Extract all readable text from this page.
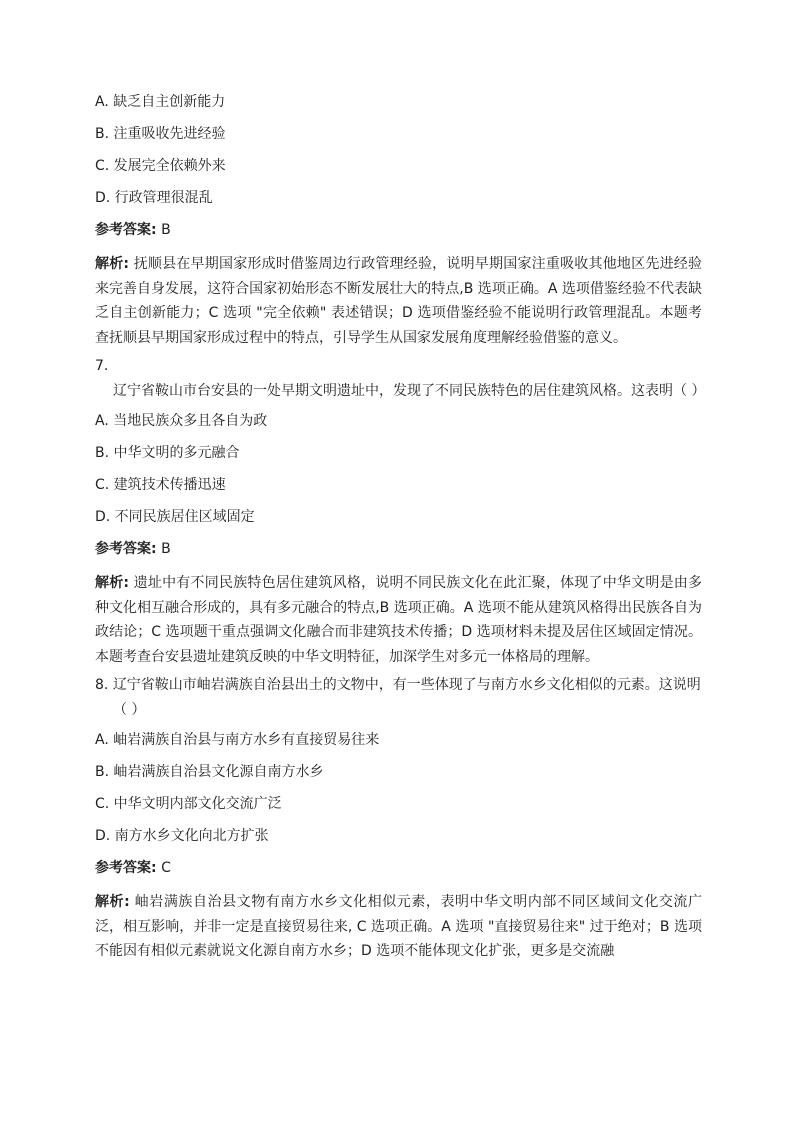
A. 缺乏自主创新能力

B. 注重吸收先进经验

C. 发展完全依赖外来

D. 行政管理很混乱

参考答案: B

解析: 抚顺县在早期国家形成时借鉴周边行政管理经验，说明早期国家注重吸收其他地区先进经验来完善自身发展，这符合国家初始形态不断发展壮大的特点,B 选项正确。A 选项借鉴经验不代表缺乏自主创新能力；C 选项 "完全依赖" 表述错误；D 选项借鉴经验不能说明行政管理混乱。本题考查抚顺县早期国家形成过程中的特点，引导学生从国家发展角度理解经验借鉴的意义。

7. 辽宁省鞍山市台安县的一处早期文明遗址中，发现了不同民族特色的居住建筑风格。这表明（ ）

A. 当地民族众多且各自为政

B. 中华文明的多元融合

C. 建筑技术传播迅速

D. 不同民族居住区域固定

参考答案: B

解析: 遗址中有不同民族特色居住建筑风格，说明不同民族文化在此汇聚，体现了中华文明是由多种文化相互融合形成的，具有多元融合的特点,B 选项正确。A 选项不能从建筑风格得出民族各自为政结论；C 选项题干重点强调文化融合而非建筑技术传播；D 选项材料未提及居住区域固定情况。本题考查台安县遗址建筑反映的中华文明特征，加深学生对多元一体格局的理解。

8. 辽宁省鞍山市岫岩满族自治县出土的文物中，有一些体现了与南方水乡文化相似的元素。这说明（ ）

A. 岫岩满族自治县与南方水乡有直接贸易往来

B. 岫岩满族自治县文化源自南方水乡

C. 中华文明内部文化交流广泛

D. 南方水乡文化向北方扩张

参考答案: C

解析: 岫岩满族自治县文物有南方水乡文化相似元素，表明中华文明内部不同区域间文化交流广泛，相互影响，并非一定是直接贸易往来, C 选项正确。A 选项 "直接贸易往来" 过于绝对；B 选项不能因有相似元素就说文化源自南方水乡；D 选项不能体现文化扩张，更多是交流融
